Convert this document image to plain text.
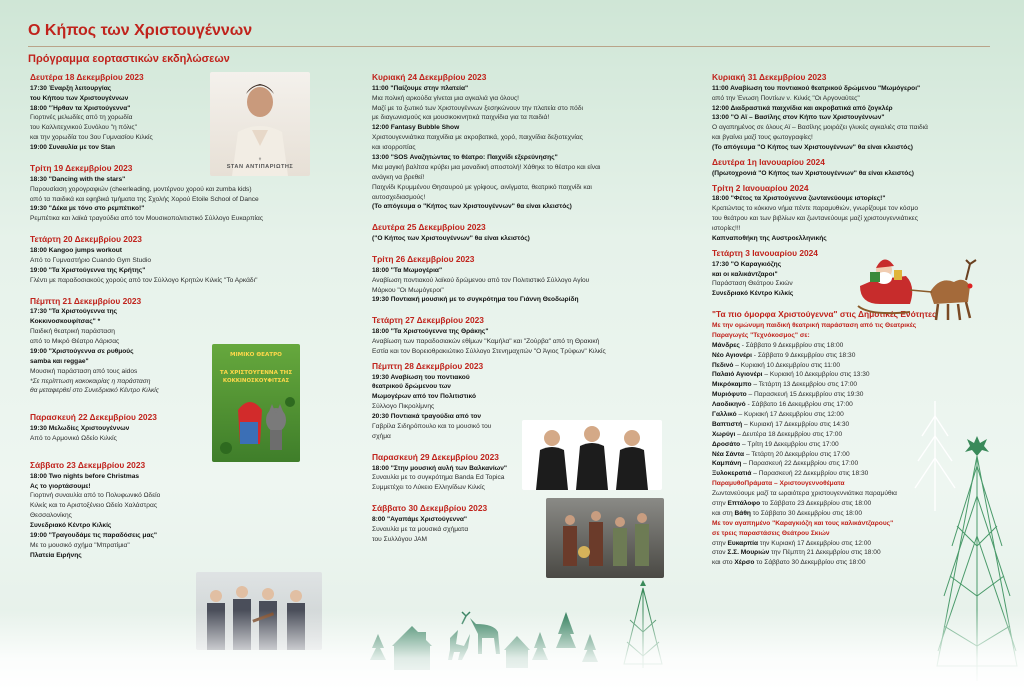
Ο Κήπος των Χριστουγέννων
Πρόγραμμα εορταστικών εκδηλώσεων
Δευτέρα 18 Δεκεμβρίου 2023
17:30 Έναρξη λειτουργίας
του Κήπου των Χριστουγέννων
18:00 "Ήρθαν τα Χριστούγεννα"
Γιορτινές μελωδίες από τη χορωδία
του Καλλιτεχνικού Συνόλου "η πόλις"
και την χορωδία του 3ου Γυμνασίου Κιλκίς
19:00 Συναυλία με τον Stan
Τρίτη 19 Δεκεμβρίου 2023
18:30 "Dancing with the stars"
Παρουσίαση χορογραφιών (cheerleading, μοντέρνου χορού και zumba kids)
από τα παιδικά και εφηβικά τμήματα της Σχολής Χορού Etoile School of Dance
19:30 "Δέκα με τόνο στο ρεμπέτικο!"
Ρεμπέτικα και λαϊκά τραγούδια από τον Μουσικοπολιτιστικό Σύλλογο Ευκαρπίας
Τετάρτη 20 Δεκεμβρίου 2023
18:00 Kangoo jumps workout
Από το Γυμναστήριο Cuando Gym Studio
19:00 "Τα Χριστούγεννα της Κρήτης"
Γλέντι με παραδοσιακούς χορούς από τον Σύλλογο Κρητών Κιλκίς "Το Αρκάδι"
Πέμπτη 21 Δεκεμβρίου 2023
17:30 "Τα Χριστούγεννα της
Κοκκινοσκουφίτσας" *
Παιδική θεατρική παράσταση
από το Μικρό Θέατρο Λάρισας
19:00 "Χριστούγεννα σε ρυθμούς
samba και reggae"
Μουσική παράσταση από τους aidos
*Σε περίπτωση κακοκαιρίας η παράσταση
θα μεταφερθεί στο Συνεδριακό Κέντρο Κιλκίς
Παρασκευή 22 Δεκεμβρίου 2023
19:30 Μελωδίες Χριστουγέννων
Από το Αρμονικό Ωδείο Κιλκίς
Σάββατο 23 Δεκεμβρίου 2023
18:00 Two nights before Christmas
Ας το γιορτάσουμε!
Γιορτινή συναυλία από το Πολυφωνικό Ωδείο
Κιλκίς και το Αριστοξένειο Ωδείο Χαλάστρας
Θεσσαλονίκης
Συνεδριακό Κέντρο Κιλκίς
19:00 "Τραγουδάμε τις παραδόσεις μας"
Με το μουσικό σχήμα "Μπρατίμια"
Πλατεία Ειρήνης
Κυριακή 24 Δεκεμβρίου 2023
11:00 "Παίζουμε στην πλατεία"
Μια πολική αρκούδα γίνεται μια αγκαλιά για όλους!
Μαζί με το ξωτικό των Χριστουγέννων ξεσηκώνουν την πλατεία στο πόδι
με διαγωνισμούς και μουσικοκινητικά παιχνίδια για τα παιδιά!
12:00 Fantasy Bubble Show
Χριστουγεννιάτικα παιχνίδια με ακροβατικά, χορό, παιχνίδια δεξιοτεχνίας
και ισορροπίας
13:00 "SOS Αναζητώντας το θέατρο: Παιχνίδι εξερεύνησης"
Μια μαγική βαλίτσα κρύβει μια μοναδική αποστολή! Χάθηκε το θέατρο και είναι
ανάγκη να βρεθεί!
Παιχνίδι Κρυμμένου Θησαυρού με γρίφους, αινίγματα, θεατρικό παιχνίδι και
αυτοσχεδιασμούς!
(Το απόγευμα ο "Κήπος των Χριστουγέννων" θα είναι κλειστός)
Δευτέρα 25 Δεκεμβρίου 2023
("Ο Κήπος των Χριστουγέννων" θα είναι κλειστός)
Τρίτη 26 Δεκεμβρίου 2023
18:00 "Τα Μωμογέρια"
Αναβίωση ποντιακού λαϊκού δρώμενου από τον Πολιτιστικό Σύλλογο Αγίου
Μάρκου "Οι Μωμόγεροι"
19:30 Ποντιακή μουσική με το συγκρότημα του Γιάννη Θεοδωρίδη
Τετάρτη 27 Δεκεμβρίου 2023
18:00 "Τα Χριστούγεννα της Θράκης"
Αναβίωση των παραδοσιακών εθίμων "Καμήλα" και "Ζούρβα" από τη Θρακική
Εστία και τον Βορειοθρακιώτικο Σύλλογο Στενημαχιτών "Ο Άγιος Τρύφων" Κιλκίς
Πέμπτη 28 Δεκεμβρίου 2023
19:30 Αναβίωση του ποντιακού
θεατρικού δρώμενου των
Μωμογέρων από τον Πολιτιστικό
Σύλλογο Πικρολίμνης
20:30 Ποντιακά τραγούδια από τον
Γαβρίλα Σιδηρόπουλο και το μουσικό του
σχήμα
Παρασκευή 29 Δεκεμβρίου 2023
18:00 "Στην μουσική αυλή των Βαλκανίων"
Συναυλία με το συγκρότημα Banda Ed Topica
Συμμετέχει το Λύκειο Ελληνίδων Κιλκίς
Σάββατο 30 Δεκεμβρίου 2023
8:00 "Αγαπάμε Χριστούγεννα"
Συναυλία με τα μουσικά σχήματα
του Συλλόγου JAM
Κυριακή 31 Δεκεμβρίου 2023
11:00 Αναβίωση του ποντιακού θεατρικού δρώμενου "Μωμόγεροι"
από την Ένωση Ποντίων ν. Κιλκίς "Οι Αργοναύτες"
12:00 Διαδραστικά παιχνίδια και ακροβατικά από ζογκλέρ
13:00 "Ο Αϊ – Βασίλης στον Κήπο των Χριστουγέννων"
Ο αγαπημένος σε όλους Αϊ – Βασίλης μοιράζει γλυκές αγκαλιές στα παιδιά
και βγαίνει μαζί τους φωτογραφίες!
(Το απόγευμα "Ο Κήπος των Χριστουγέννων" θα είναι κλειστός)
Δευτέρα 1η Ιανουαρίου 2024
(Πρωτοχρονιά "Ο Κήπος των Χριστουγέννων" θα είναι κλειστός)
Τρίτη 2 Ιανουαρίου 2024
18:00 "Φέτος τα Χριστούγεννα ζωντανεύουμε ιστορίες!"
Κρατώντας το κόκκινο νήμα πέντε παραμυθιών, γνωρίζουμε τον κόσμο
του θεάτρου και των βιβλίων και ζωντανεύουμε μαζί χριστουγεννιάτικες
ιστορίες!!!
Καπναποθήκη της Αυστροελληνικής
Τετάρτη 3 Ιανουαρίου 2024
17:30 "Ο Καραγκιόζης
και οι καλικάντζαροι"
Παράσταση Θεάτρου Σκιών
Συνεδριακό Κέντρο Κιλκίς
"Τα πιο όμορφα Χριστούγεννα" στις Δημοτικές Ενότητες
Με την ομώνυμη παιδική θεατρική παράσταση από τις Θεατρικές
Παραγωγές "Τεχνόκοσμος" σε:
Μάνδρες - Σάββατο 9 Δεκεμβρίου στις 18:00
Νέο Αγιονέρι - Σάββατο 9 Δεκεμβρίου στις 18:30
Πεδινό – Κυριακή 10 Δεκεμβρίου στις 11:00
Παλαιό Αγιονέρι – Κυριακή 10 Δεκεμβρίου στις 13:30
Μικρόκαμπο – Τετάρτη 13 Δεκεμβρίου στις 17:00
Μυριόφυτο – Παρασκευή 15 Δεκεμβρίου στις 19:30
Λαοδικηνό - Σάββατο 16 Δεκεμβρίου στις 17:00
Γαλλικό – Κυριακή 17 Δεκεμβρίου στις 12:00
Βαπτιστή – Κυριακή 17 Δεκεμβρίου στις 14:30
Χωρύγι – Δευτέρα 18 Δεκεμβρίου στις 17:00
Δροσάτο – Τρίτη 19 Δεκεμβρίου στις 17:00
Νέα Σάντα – Τετάρτη 20 Δεκεμβρίου στις 17:00
Καμπάνη – Παρασκευή 22 Δεκεμβρίου στις 17:00
Ξυλοκερατιά – Παρασκευή 22 Δεκεμβρίου στις 18:30
ΠαραμυθοΠράματα – Χριστουγεννοθέματα
Ζωντανεύουμε μαζί τα ωραιότερα χριστουγεννιάτικα παραμύθια
στην Επτάλοφο το Σάββατο 23 Δεκεμβρίου στις 18:00
και στη Βάθη το Σάββατο 30 Δεκεμβρίου στις 18:00
Με τον αγαπημένο "Καραγκιόζη και τους καλικάντζαρους"
σε τρεις παραστάσεις Θεάτρου Σκιών
στην Ευκαρπία την Κυριακή 17 Δεκεμβρίου στις 12:00
στον Σ.Σ. Μουριών την Πέμπτη 21 Δεκεμβρίου στις 18:00
και στο Χέρσο το Σάββατο 30 Δεκεμβρίου στις 18:00
♆
STAN ΑΝΤΙΠΑΡΙΩΤΗΣ
ΜΙΜΙΚΟ ΘΕΑΤΡΟ
ΤΑ ΧΡΙΣΤΟΥΓΕΝΝΑ ΤΗΣ
ΚΟΚΚΙΝΟΣΚΟΥΦΙΤΣΑΣ
